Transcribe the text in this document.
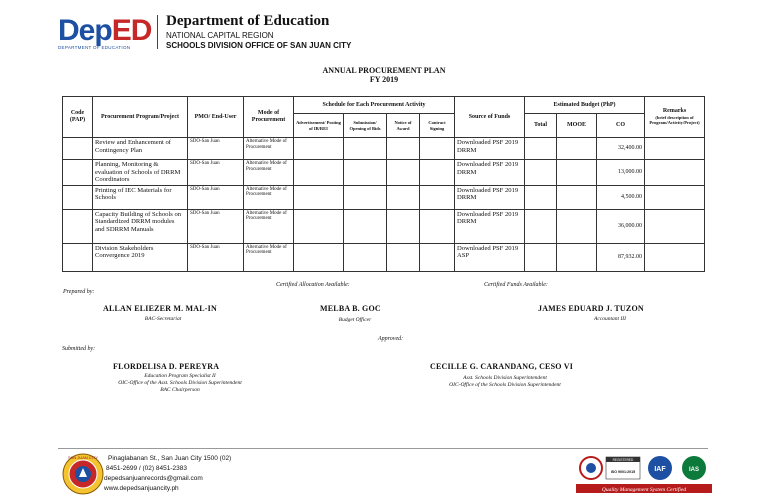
DepED
DEPARTMENT OF EDUCATION
Department of Education
NATIONAL CAPITAL REGION
SCHOOLS DIVISION OFFICE OF SAN JUAN CITY
ANNUAL PROCUREMENT PLAN
FY 2019
Code (PAP)	Procurement Program/Project	PMO/ End-User	Mode of Procurement	Schedule for Each Procurement Activity				Source of Funds	Estimated Budget (PhP)			Remarks
(brief description of Program/Activity/Project)

				Advertisement/ Posting of IB/REI	Submission/ Opening of Bids	Notice of Award	Contract Signing		Total	MOOE	CO	
	Review and Enhancement of Contingency Plan	SDO-San Juan	Alternative Mode of Procurement					Downloaded PSF 2019 DRRM			32,400.00	
	Planning, Monitoring & evaluation of Schools of DRRM Coordinators	SDO-San Juan	Alternative Mode of Procurement					Downloaded PSF 2019 DRRM			13,000.00	
	Printing of IEC Materials for Schools	SDO-San Juan	Alternative Mode of Procurement					Downloaded PSF 2019 DRRM			4,500.00	
	Capacity Building of Schools on Standardized DRRM modules and SDRRM Manuals	SDO-San Juan	Alternative Mode of Procurement					Downloaded PSF 2019 DRRM			36,000.00	
	Division Stakeholders Convergence 2019	SDO-San Juan	Alternative Mode of Procurement					Downloaded PSF 2019 ASP			87,932.00	
Certified Allocation Available:	Certified Funds Available:
Prepared by:
ALLAN ELIEZER M. MAL-IN
BAC-Secretariat
MELBA B. GOC
Budget Officer
JAMES EDUARD J. TUZON
Accountant III
Approved:
Submitted by:
FLORDELISA D. PEREYRA
Education Program Specialist II
OIC-Office of the Asst. Schools Division Superintendent
BAC Chairperson
CECILLE G. CARANDANG, CESO VI
Asst. Schools Division Superintendent
OIC-Office of the Schools Division Superintendent
SAN JUAN CITY Pinaglabanan St., San Juan City 1500 (02)
8451-2699 / (02) 8451-2383
depedsanjuanrecords@gmail.com
www.depedsanjuancity.ph
REGISTERED
ISO 9001:2015	IAF	IAS
Quality Management System Certified
